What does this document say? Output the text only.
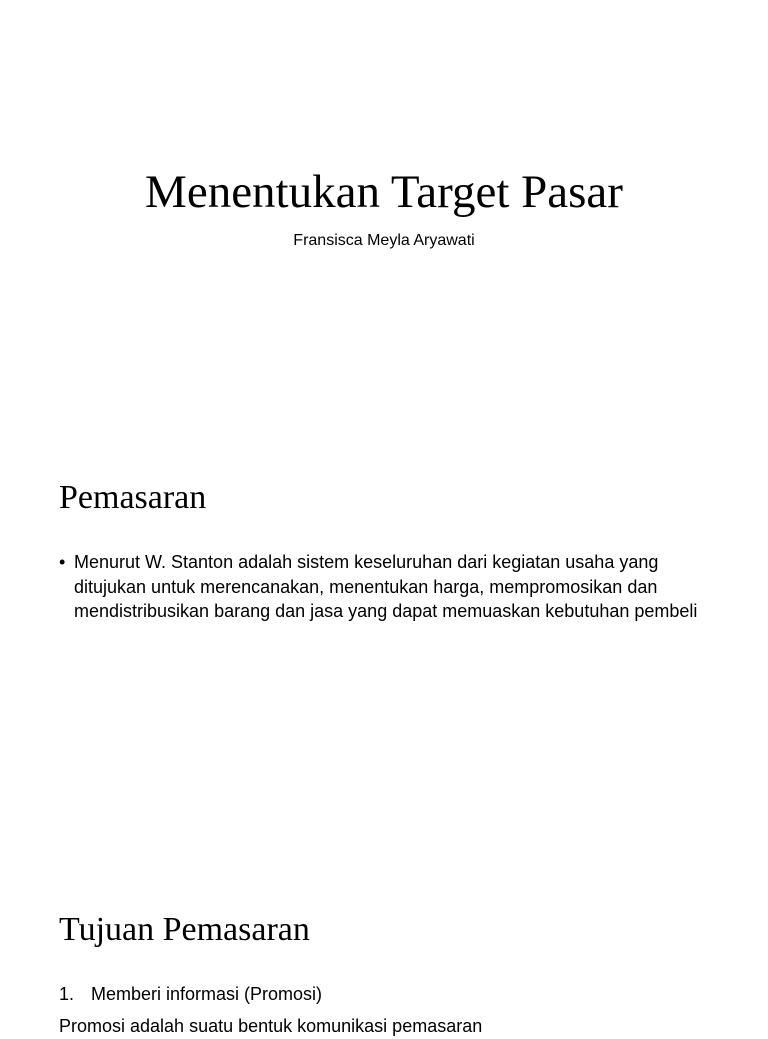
Menentukan Target Pasar

Fransisca Meyla Aryawati

Pemasaran
• Menurut W. Stanton adalah sistem keseluruhan dari kegiatan usaha yang ditujukan untuk merencanakan, menentukan harga, mempromosikan dan mendistribusikan barang dan jasa yang dapat memuaskan kebutuhan pembeli
Tujuan Pemasaran
1. Memberi informasi (Promosi)
Promosi adalah suatu bentuk komunikasi pemasaran
